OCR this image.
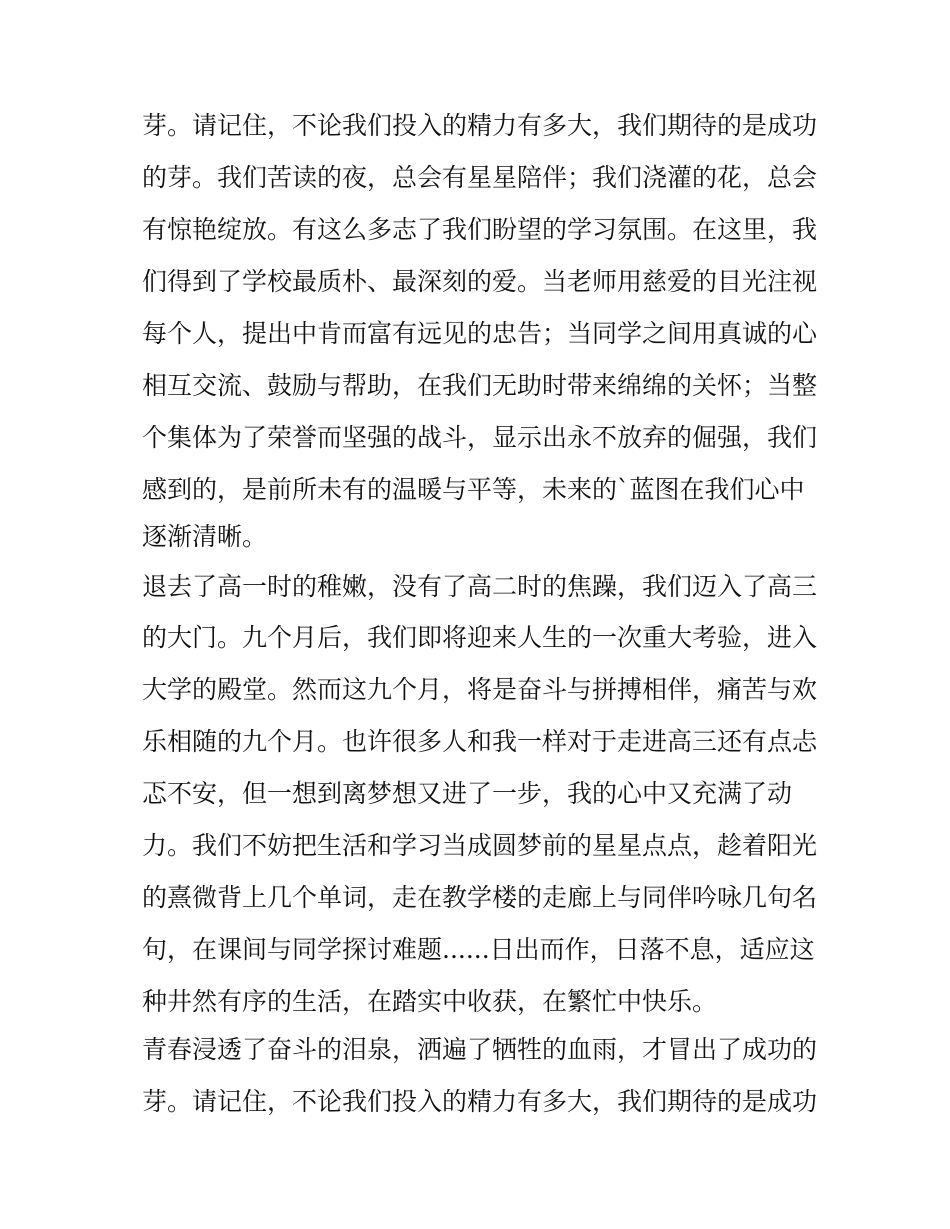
芽。请记住，不论我们投入的精力有多大，我们期待的是成功
的芽。我们苦读的夜，总会有星星陪伴；我们浇灌的花，总会
有惊艳绽放。有这么多志了我们盼望的学习氛围。在这里，我
们得到了学校最质朴、最深刻的爱。当老师用慈爱的目光注视
每个人，提出中肯而富有远见的忠告；当同学之间用真诚的心
相互交流、鼓励与帮助，在我们无助时带来绵绵的关怀；当整
个集体为了荣誉而坚强的战斗，显示出永不放弃的倔强，我们
感到的，是前所未有的温暖与平等，未来的`蓝图在我们心中
逐渐清晰。
退去了高一时的稚嫩，没有了高二时的焦躁，我们迈入了高三
的大门。九个月后，我们即将迎来人生的一次重大考验，进入
大学的殿堂。然而这九个月，将是奋斗与拼搏相伴，痛苦与欢
乐相随的九个月。也许很多人和我一样对于走进高三还有点忐
忑不安，但一想到离梦想又进了一步，我的心中又充满了动
力。我们不妨把生活和学习当成圆梦前的星星点点，趁着阳光
的熹微背上几个单词，走在教学楼的走廊上与同伴吟咏几句名
句，在课间与同学探讨难题......日出而作，日落不息，适应这
种井然有序的生活，在踏实中收获，在繁忙中快乐。
青春浸透了奋斗的泪泉，洒遍了牺牲的血雨，才冒出了成功的
芽。请记住，不论我们投入的精力有多大，我们期待的是成功
